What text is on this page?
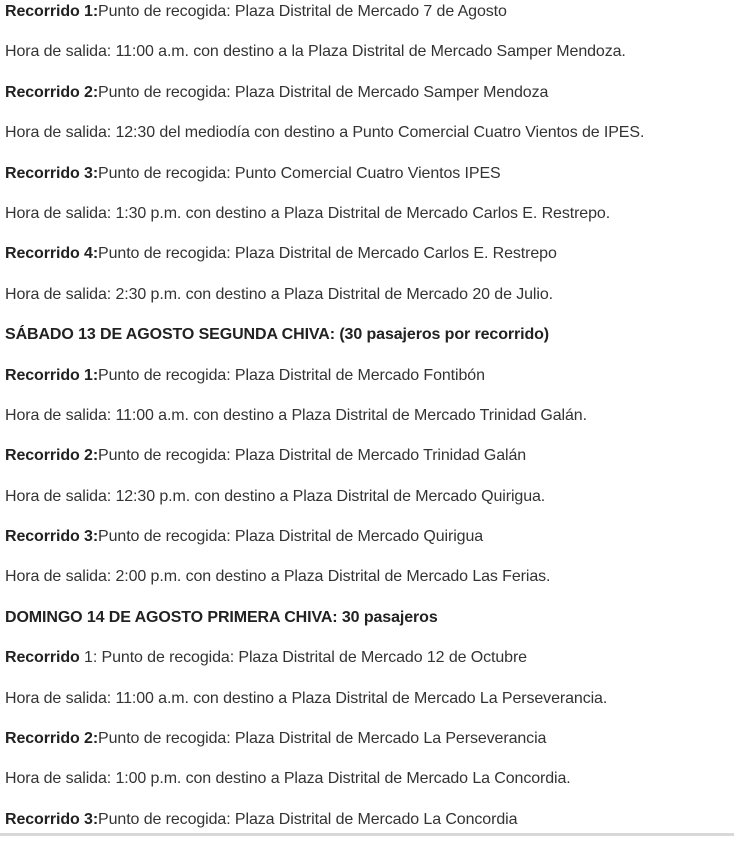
Recorrido 1:Punto de recogida: Plaza Distrital de Mercado 7 de Agosto
Hora de salida: 11:00 a.m. con destino a la Plaza Distrital de Mercado Samper Mendoza.
Recorrido 2:Punto de recogida: Plaza Distrital de Mercado Samper Mendoza
Hora de salida: 12:30 del mediodía con destino a Punto Comercial Cuatro Vientos de IPES.
Recorrido 3:Punto de recogida: Punto Comercial Cuatro Vientos IPES
Hora de salida: 1:30 p.m. con destino a Plaza Distrital de Mercado Carlos E. Restrepo.
Recorrido 4:Punto de recogida: Plaza Distrital de Mercado Carlos E. Restrepo
Hora de salida: 2:30 p.m. con destino a Plaza Distrital de Mercado 20 de Julio.
SÁBADO 13 DE AGOSTO SEGUNDA CHIVA: (30 pasajeros por recorrido)
Recorrido 1:Punto de recogida: Plaza Distrital de Mercado Fontibón
Hora de salida: 11:00 a.m. con destino a Plaza Distrital de Mercado Trinidad Galán.
Recorrido 2:Punto de recogida: Plaza Distrital de Mercado Trinidad Galán
Hora de salida: 12:30 p.m. con destino a Plaza Distrital de Mercado Quirigua.
Recorrido 3:Punto de recogida: Plaza Distrital de Mercado Quirigua
Hora de salida: 2:00 p.m. con destino a Plaza Distrital de Mercado Las Ferias.
DOMINGO 14 DE AGOSTO PRIMERA CHIVA: 30 pasajeros
Recorrido 1: Punto de recogida: Plaza Distrital de Mercado 12 de Octubre
Hora de salida: 11:00 a.m. con destino a Plaza Distrital de Mercado La Perseverancia.
Recorrido 2:Punto de recogida: Plaza Distrital de Mercado La Perseverancia
Hora de salida: 1:00 p.m. con destino a Plaza Distrital de Mercado La Concordia.
Recorrido 3:Punto de recogida: Plaza Distrital de Mercado La Concordia
